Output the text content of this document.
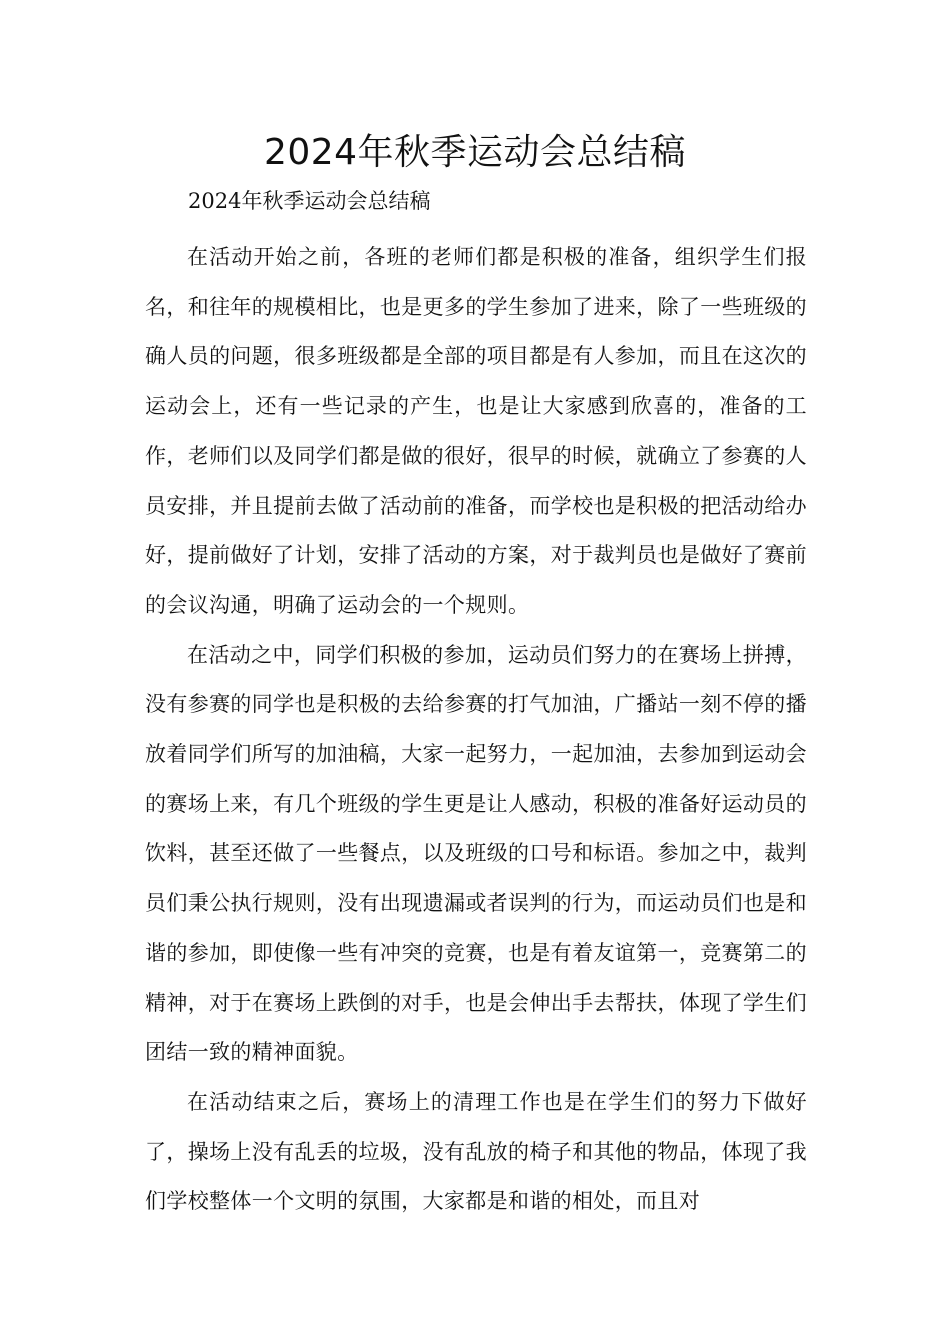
2024年秋季运动会总结稿

2024年秋季运动会总结稿

在活动开始之前，各班的老师们都是积极的准备，组织学生们报名，和往年的规模相比，也是更多的学生参加了进来，除了一些班级的确人员的问题，很多班级都是全部的项目都是有人参加，而且在这次的运动会上，还有一些记录的产生，也是让大家感到欣喜的，准备的工作，老师们以及同学们都是做的很好，很早的时候，就确立了参赛的人员安排，并且提前去做了活动前的准备，而学校也是积极的把活动给办好，提前做好了计划，安排了活动的方案，对于裁判员也是做好了赛前的会议沟通，明确了运动会的一个规则。

在活动之中，同学们积极的参加，运动员们努力的在赛场上拼搏，没有参赛的同学也是积极的去给参赛的打气加油，广播站一刻不停的播放着同学们所写的加油稿，大家一起努力，一起加油，去参加到运动会的赛场上来，有几个班级的学生更是让人感动，积极的准备好运动员的饮料，甚至还做了一些餐点，以及班级的口号和标语。参加之中，裁判员们秉公执行规则，没有出现遗漏或者误判的行为，而运动员们也是和谐的参加，即使像一些有冲突的竞赛，也是有着友谊第一，竞赛第二的精神，对于在赛场上跌倒的对手，也是会伸出手去帮扶，体现了学生们团结一致的精神面貌。

在活动结束之后，赛场上的清理工作也是在学生们的努力下做好了，操场上没有乱丢的垃圾，没有乱放的椅子和其他的物品，体现了我们学校整体一个文明的氛围，大家都是和谐的相处，而且对
